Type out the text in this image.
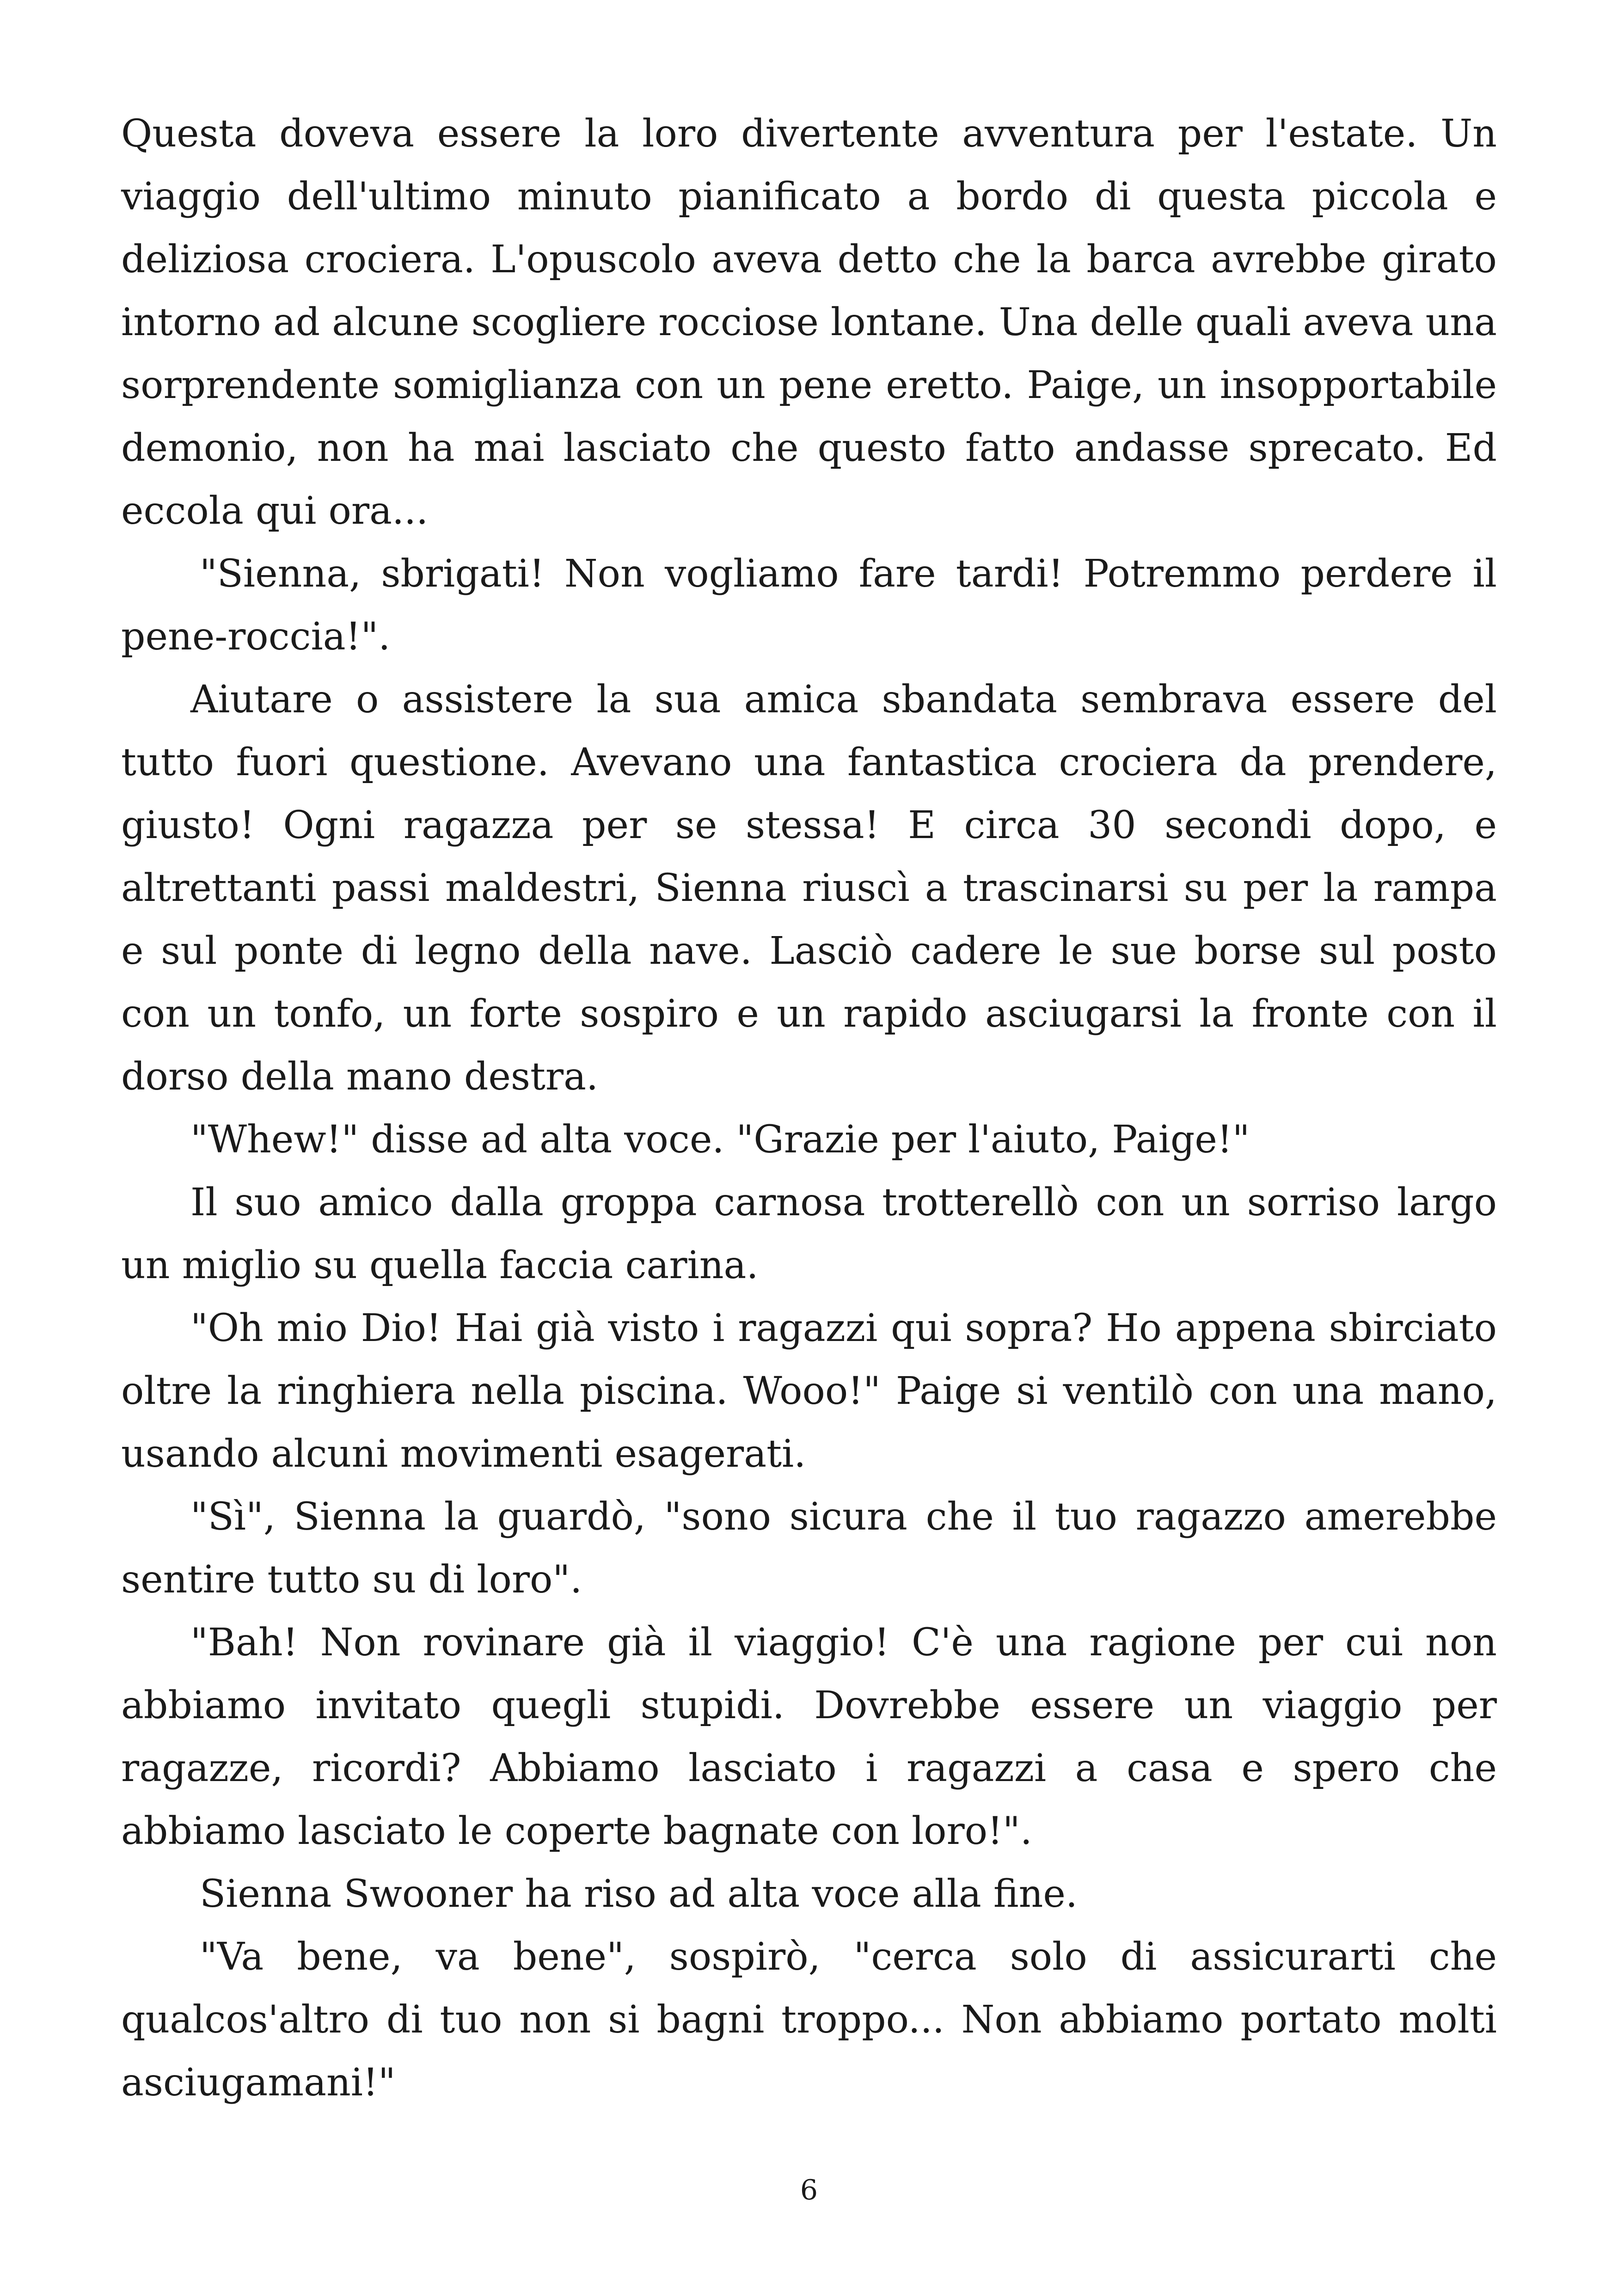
Questa doveva essere la loro divertente avventura per l'estate. Un viaggio dell'ultimo minuto pianificato a bordo di questa piccola e deliziosa crociera. L'opuscolo aveva detto che la barca avrebbe girato intorno ad alcune scogliere rocciose lontane. Una delle quali aveva una sorprendente somiglianza con un pene eretto. Paige, un insopportabile demonio, non ha mai lasciato che questo fatto andasse sprecato. Ed eccola qui ora...

"Sienna, sbrigati! Non vogliamo fare tardi! Potremmo perdere il pene-roccia!".

Aiutare o assistere la sua amica sbandata sembrava essere del tutto fuori questione. Avevano una fantastica crociera da prendere, giusto! Ogni ragazza per se stessa! E circa 30 secondi dopo, e altrettanti passi maldestri, Sienna riuscì a trascinarsi su per la rampa e sul ponte di legno della nave. Lasciò cadere le sue borse sul posto con un tonfo, un forte sospiro e un rapido asciugarsi la fronte con il dorso della mano destra.

"Whew!" disse ad alta voce. "Grazie per l'aiuto, Paige!"

Il suo amico dalla groppa carnosa trotterellò con un sorriso largo un miglio su quella faccia carina.

"Oh mio Dio! Hai già visto i ragazzi qui sopra? Ho appena sbirciato oltre la ringhiera nella piscina. Wooo!" Paige si ventilò con una mano, usando alcuni movimenti esagerati.

"Sì", Sienna la guardò, "sono sicura che il tuo ragazzo amerebbe sentire tutto su di loro".

"Bah! Non rovinare già il viaggio! C'è una ragione per cui non abbiamo invitato quegli stupidi. Dovrebbe essere un viaggio per ragazze, ricordi? Abbiamo lasciato i ragazzi a casa e spero che abbiamo lasciato le coperte bagnate con loro!".

Sienna Swooner ha riso ad alta voce alla fine.

"Va bene, va bene", sospirò, "cerca solo di assicurarti che qualcos'altro di tuo non si bagni troppo... Non abbiamo portato molti asciugamani!"

6
